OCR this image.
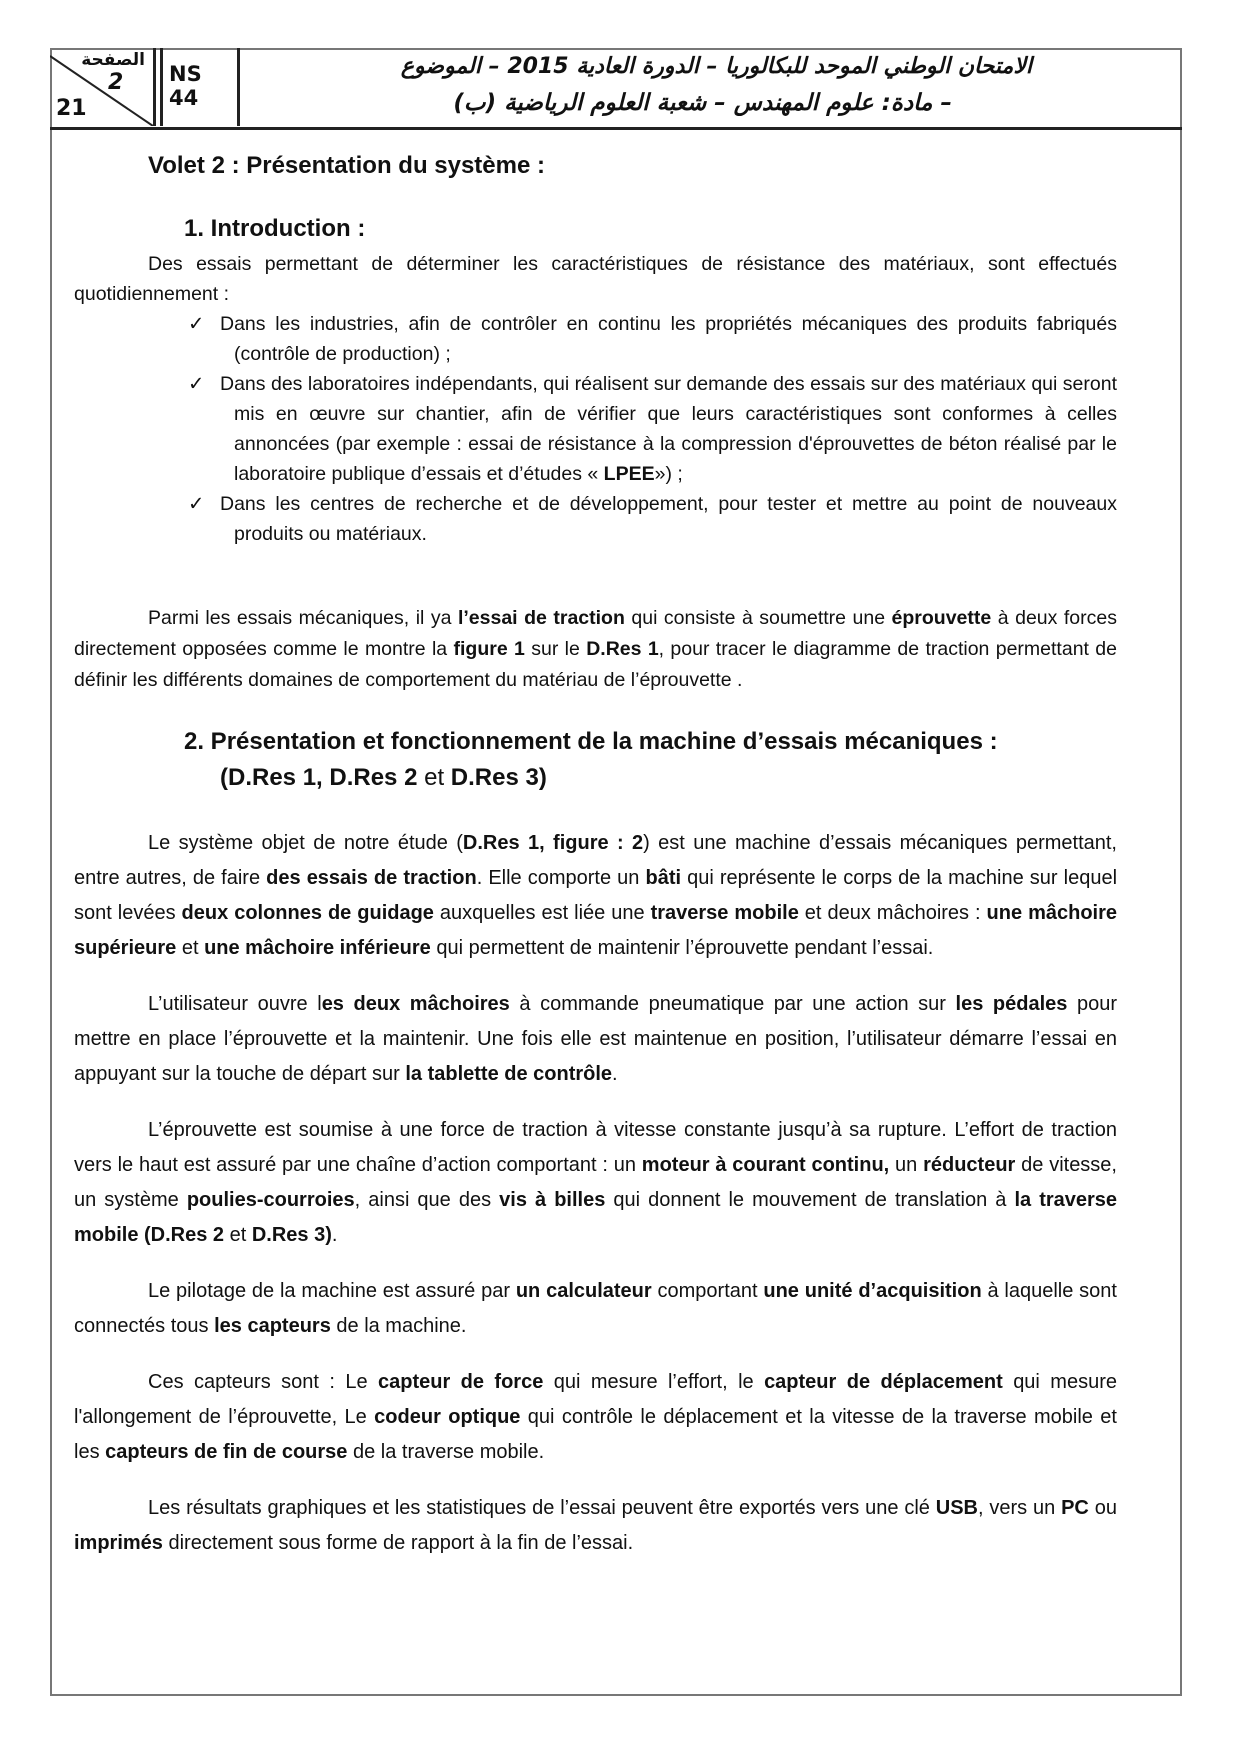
الصفحة
2
21
NS 44
الامتحان الوطني الموحد للبكالوريا – الدورة العادية 2015 – الموضوع
– مادة: علوم المهندس – شعبة العلوم الرياضية (ب)
Volet 2 : Présentation du système :
1. Introduction :

Des essais permettant de déterminer les caractéristiques de résistance des matériaux, sont effectués quotidiennement :

✓ Dans les industries, afin de contrôler en continu les propriétés mécaniques des produits fabriqués (contrôle de production) ;
✓ Dans des laboratoires indépendants, qui réalisent sur demande des essais sur des matériaux qui seront mis en œuvre sur chantier, afin de vérifier que leurs caractéristiques sont conformes à celles annoncées (par exemple : essai de résistance à la compression d'éprouvettes de béton réalisé par le laboratoire publique d’essais et d’études « LPEE») ;
✓ Dans les centres de recherche et de développement, pour tester et mettre au point de nouveaux produits ou matériaux.

Parmi les essais mécaniques, il ya l’essai de traction qui consiste à soumettre une éprouvette à deux forces directement opposées comme le montre la figure 1 sur le D.Res 1, pour tracer le diagramme de traction permettant de définir les différents domaines de comportement du matériau de l’éprouvette .

2. Présentation et fonctionnement de la machine d’essais mécaniques :
(D.Res 1, D.Res 2 et D.Res 3)

Le système objet de notre étude (D.Res 1, figure : 2) est une machine d’essais mécaniques permettant, entre autres, de faire des essais de traction. Elle comporte un bâti qui représente le corps de la machine sur lequel sont levées deux colonnes de guidage auxquelles est liée une traverse mobile et deux mâchoires : une mâchoire supérieure et une mâchoire inférieure qui permettent de maintenir l’éprouvette pendant l’essai.

L’utilisateur ouvre les deux mâchoires à commande pneumatique par une action sur les pédales pour mettre en place l’éprouvette et la maintenir. Une fois elle est maintenue en position, l’utilisateur démarre l’essai en appuyant sur la touche de départ sur la tablette de contrôle.

L’éprouvette est soumise à une force de traction à vitesse constante jusqu’à sa rupture. L’effort de traction vers le haut est assuré par une chaîne d’action comportant : un moteur à courant continu, un réducteur de vitesse, un système poulies-courroies, ainsi que des vis à billes qui donnent le mouvement de translation à la traverse mobile (D.Res 2 et D.Res 3).

Le pilotage de la machine est assuré par un calculateur comportant une unité d’acquisition à laquelle sont connectés tous les capteurs de la machine.

Ces capteurs sont : Le capteur de force qui mesure l’effort, le capteur de déplacement qui mesure l'allongement de l’éprouvette, Le codeur optique qui contrôle le déplacement et la vitesse de la traverse mobile et les capteurs de fin de course de la traverse mobile.

Les résultats graphiques et les statistiques de l’essai peuvent être exportés vers une clé USB, vers un PC ou imprimés directement sous forme de rapport à la fin de l’essai.
